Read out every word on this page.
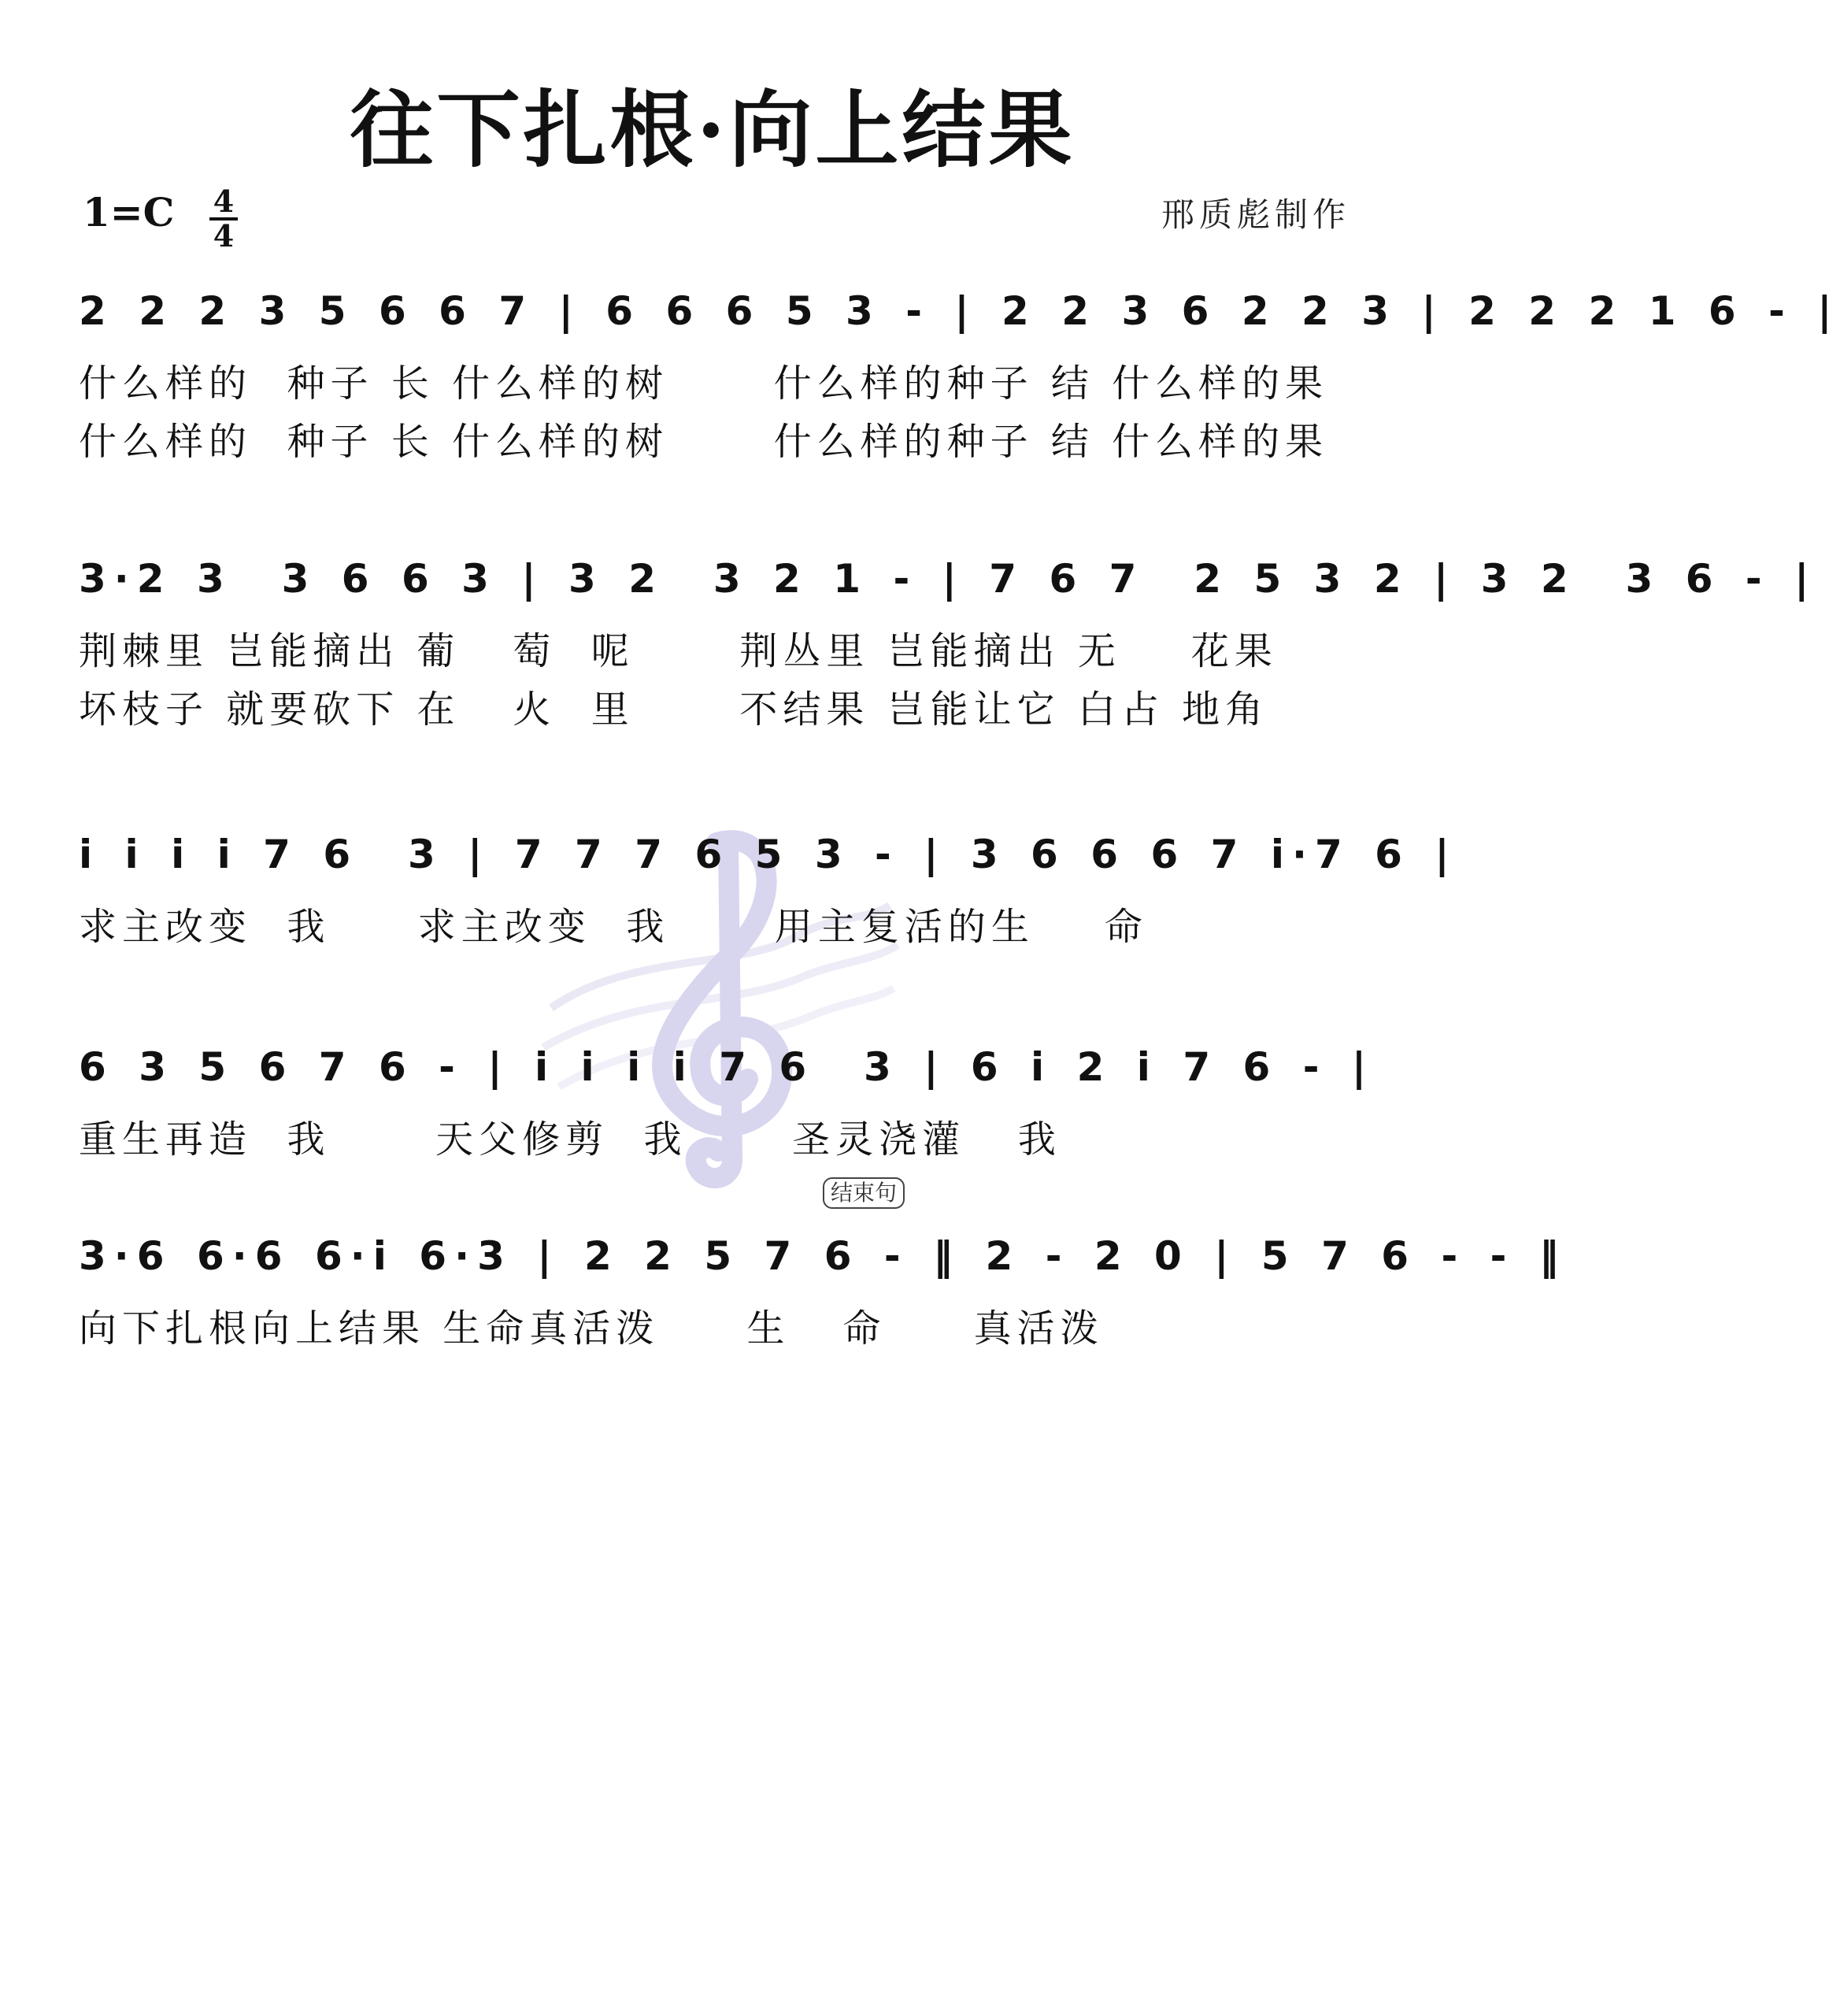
往下扎根·向上结果
1=C 4
4
邢质彪制作
2 2 2 3 5 6 6 7 | 6 6 6 5 3 - | 2 2 3 6 2 2 3 | 2 2 2 1 6 - |
什么样的  种子 长 什么样的树      什么样的种子 结 什么样的果
什么样的  种子 长 什么样的树      什么样的种子 结 什么样的果
3·2 3  3 6 6 3 | 3 2  3 2 1 - | 7 6 7  2 5 3 2 | 3 2  3 6 - |
荆棘里 岂能摘出 葡   萄  呢      荆丛里 岂能摘出 无    花果
坏枝子 就要砍下 在   火  里      不结果 岂能让它 白占 地角
i i i i 7 6  3 | 7 7 7 6 5 3 - | 3 6 6 6 7 i·7 6 |
求主改变  我     求主改变  我      用主复活的生    命
6 3 5 6 7 6 - | i i i i 7 6  3 | 6 i 2 i 7 6 - |
重生再造  我      天父修剪  我      圣灵浇灌   我
结束句
3·6 6·6 6·i 6·3 | 2 2 5 7 6 - ‖ 2 - 2 0 | 5 7 6 - - ‖
向下扎根向上结果 生命真活泼     生   命     真活泼
